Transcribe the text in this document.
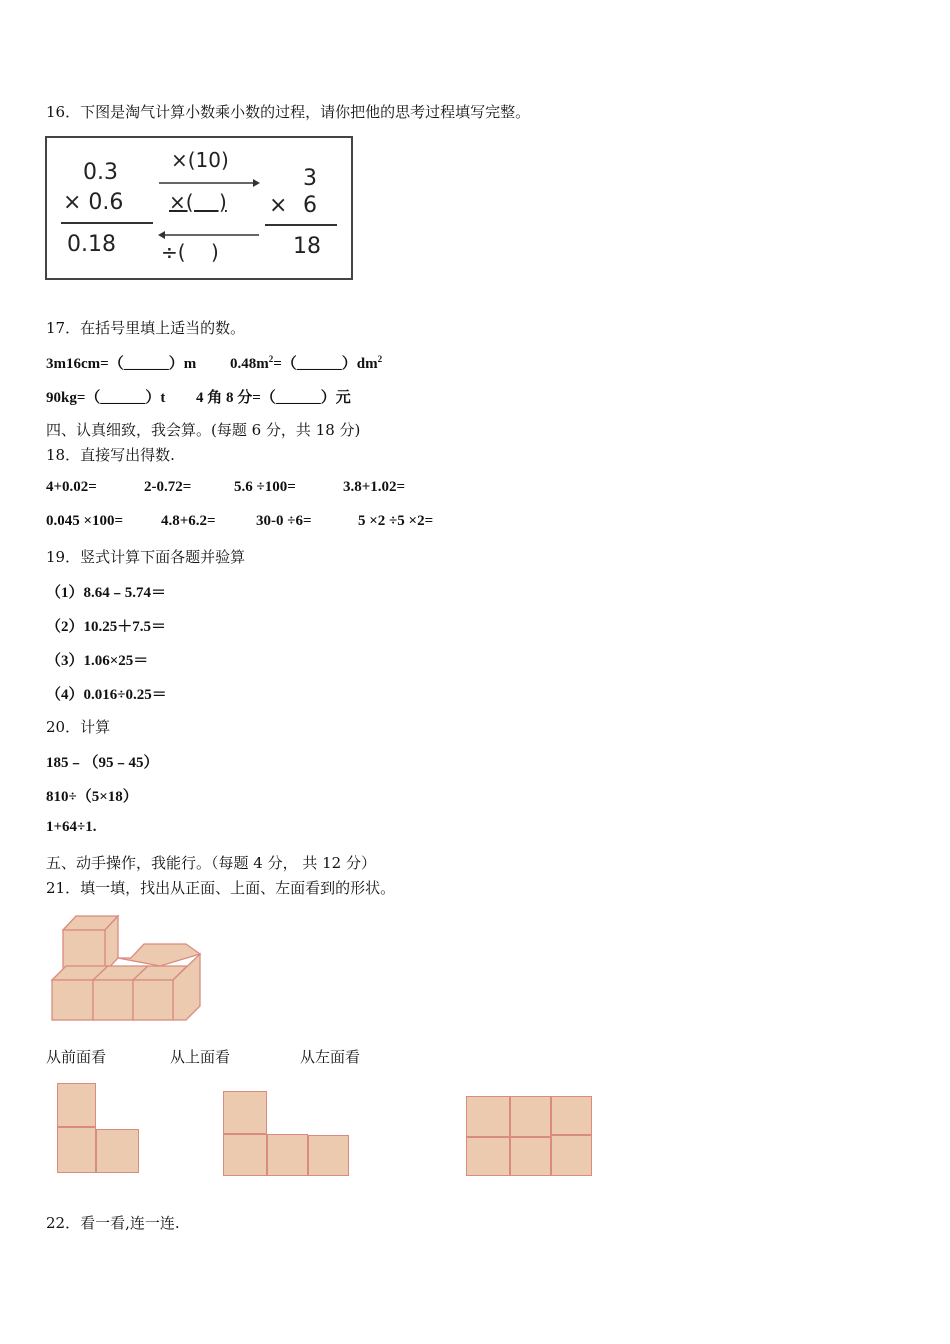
16．下图是淘气计算小数乘小数的过程，请你把他的思考过程填写完整。
0.3
× 0.6
0.18
×(10)
×(    )
÷(    )
3
× 6
18
17．在括号里填上适当的数。
3m16cm=（______）m $0.48m^2=(\_\_\_\_\_\_)dm^2$
90kg=（______）t 4 角 8 分=（______）元
四、认真细致，我会算。(每题 6 分，共 18 分)
18．直接写出得数.
4+0.02=	2-0.72=	5.6 ÷100=	3.8+1.02=
0.045 ×100=	4.8+6.2=	30-0 ÷6=	5 ×2 ÷5 ×2=
19．竖式计算下面各题并验算
（1）8.64﹣5.74＝
（2）10.25＋7.5＝
（3）1.06×25＝
（4）0.016÷0.25＝
20．计算
185﹣（95﹣45）
810÷（5×18）
1+64÷1.
五、动手操作，我能行。（每题 4 分， 共 12 分）
21．填一填，找出从正面、上面、左面看到的形状。
从前面看	从上面看	从左面看
22．看一看,连一连.
